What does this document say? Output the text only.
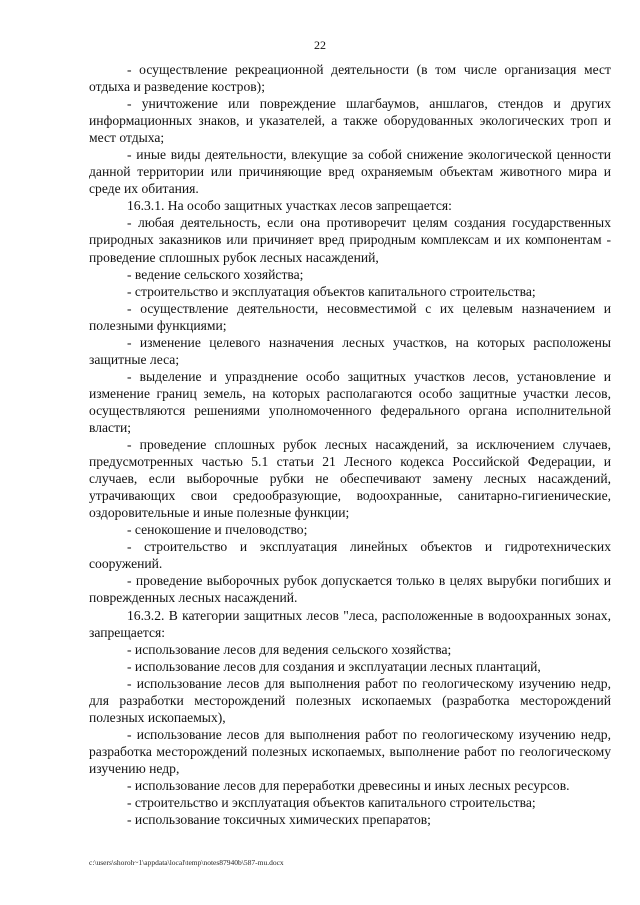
22

- осуществление рекреационной деятельности (в том числе организация мест отдыха и разведение костров);

- уничтожение или повреждение шлагбаумов, аншлагов, стендов и других информационных знаков, и указателей, а также оборудованных экологических троп и мест отдыха;

- иные виды деятельности, влекущие за собой снижение экологической ценности данной территории или причиняющие вред охраняемым объектам животного мира и среде их обитания.

16.3.1. На особо защитных участках лесов запрещается:

- любая деятельность, если она противоречит целям создания государственных природных заказников или причиняет вред природным комплексам и их компонентам - проведение сплошных рубок лесных насаждений,

- ведение сельского хозяйства;

- строительство и эксплуатация объектов капитального строительства;

- осуществление деятельности, несовместимой с их целевым назначением и полезными функциями;

- изменение целевого назначения лесных участков, на которых расположены защитные леса;

- выделение и упразднение особо защитных участков лесов, установление и изменение границ земель, на которых располагаются особо защитные участки лесов, осуществляются решениями уполномоченного федерального органа исполнительной власти;

- проведение сплошных рубок лесных насаждений, за исключением случаев, предусмотренных частью 5.1 статьи 21 Лесного кодекса Российской Федерации, и случаев, если выборочные рубки не обеспечивают замену лесных насаждений, утрачивающих свои средообразующие, водоохранные, санитарно-гигиенические, оздоровительные и иные полезные функции;

- сенокошение и пчеловодство;

- строительство и эксплуатация линейных объектов и гидротехнических сооружений.

- проведение выборочных рубок допускается только в целях вырубки погибших и поврежденных лесных насаждений.

16.3.2. В категории защитных лесов "леса, расположенные в водоохранных зонах, запрещается:

- использование лесов для ведения сельского хозяйства;

- использование лесов для создания и эксплуатации лесных плантаций,

- использование лесов для выполнения работ по геологическому изучению недр, для разработки месторождений полезных ископаемых (разработка месторождений полезных ископаемых),

- использование лесов для выполнения работ по геологическому изучению недр, разработка месторождений полезных ископаемых, выполнение работ по геологическому изучению недр,

- использование лесов для переработки древесины и иных лесных ресурсов.

- строительство и эксплуатация объектов капитального строительства;

- использование токсичных химических препаратов;

c:\users\shoroh~1\appdata\local\temp\notes87940b\587-mu.docx
